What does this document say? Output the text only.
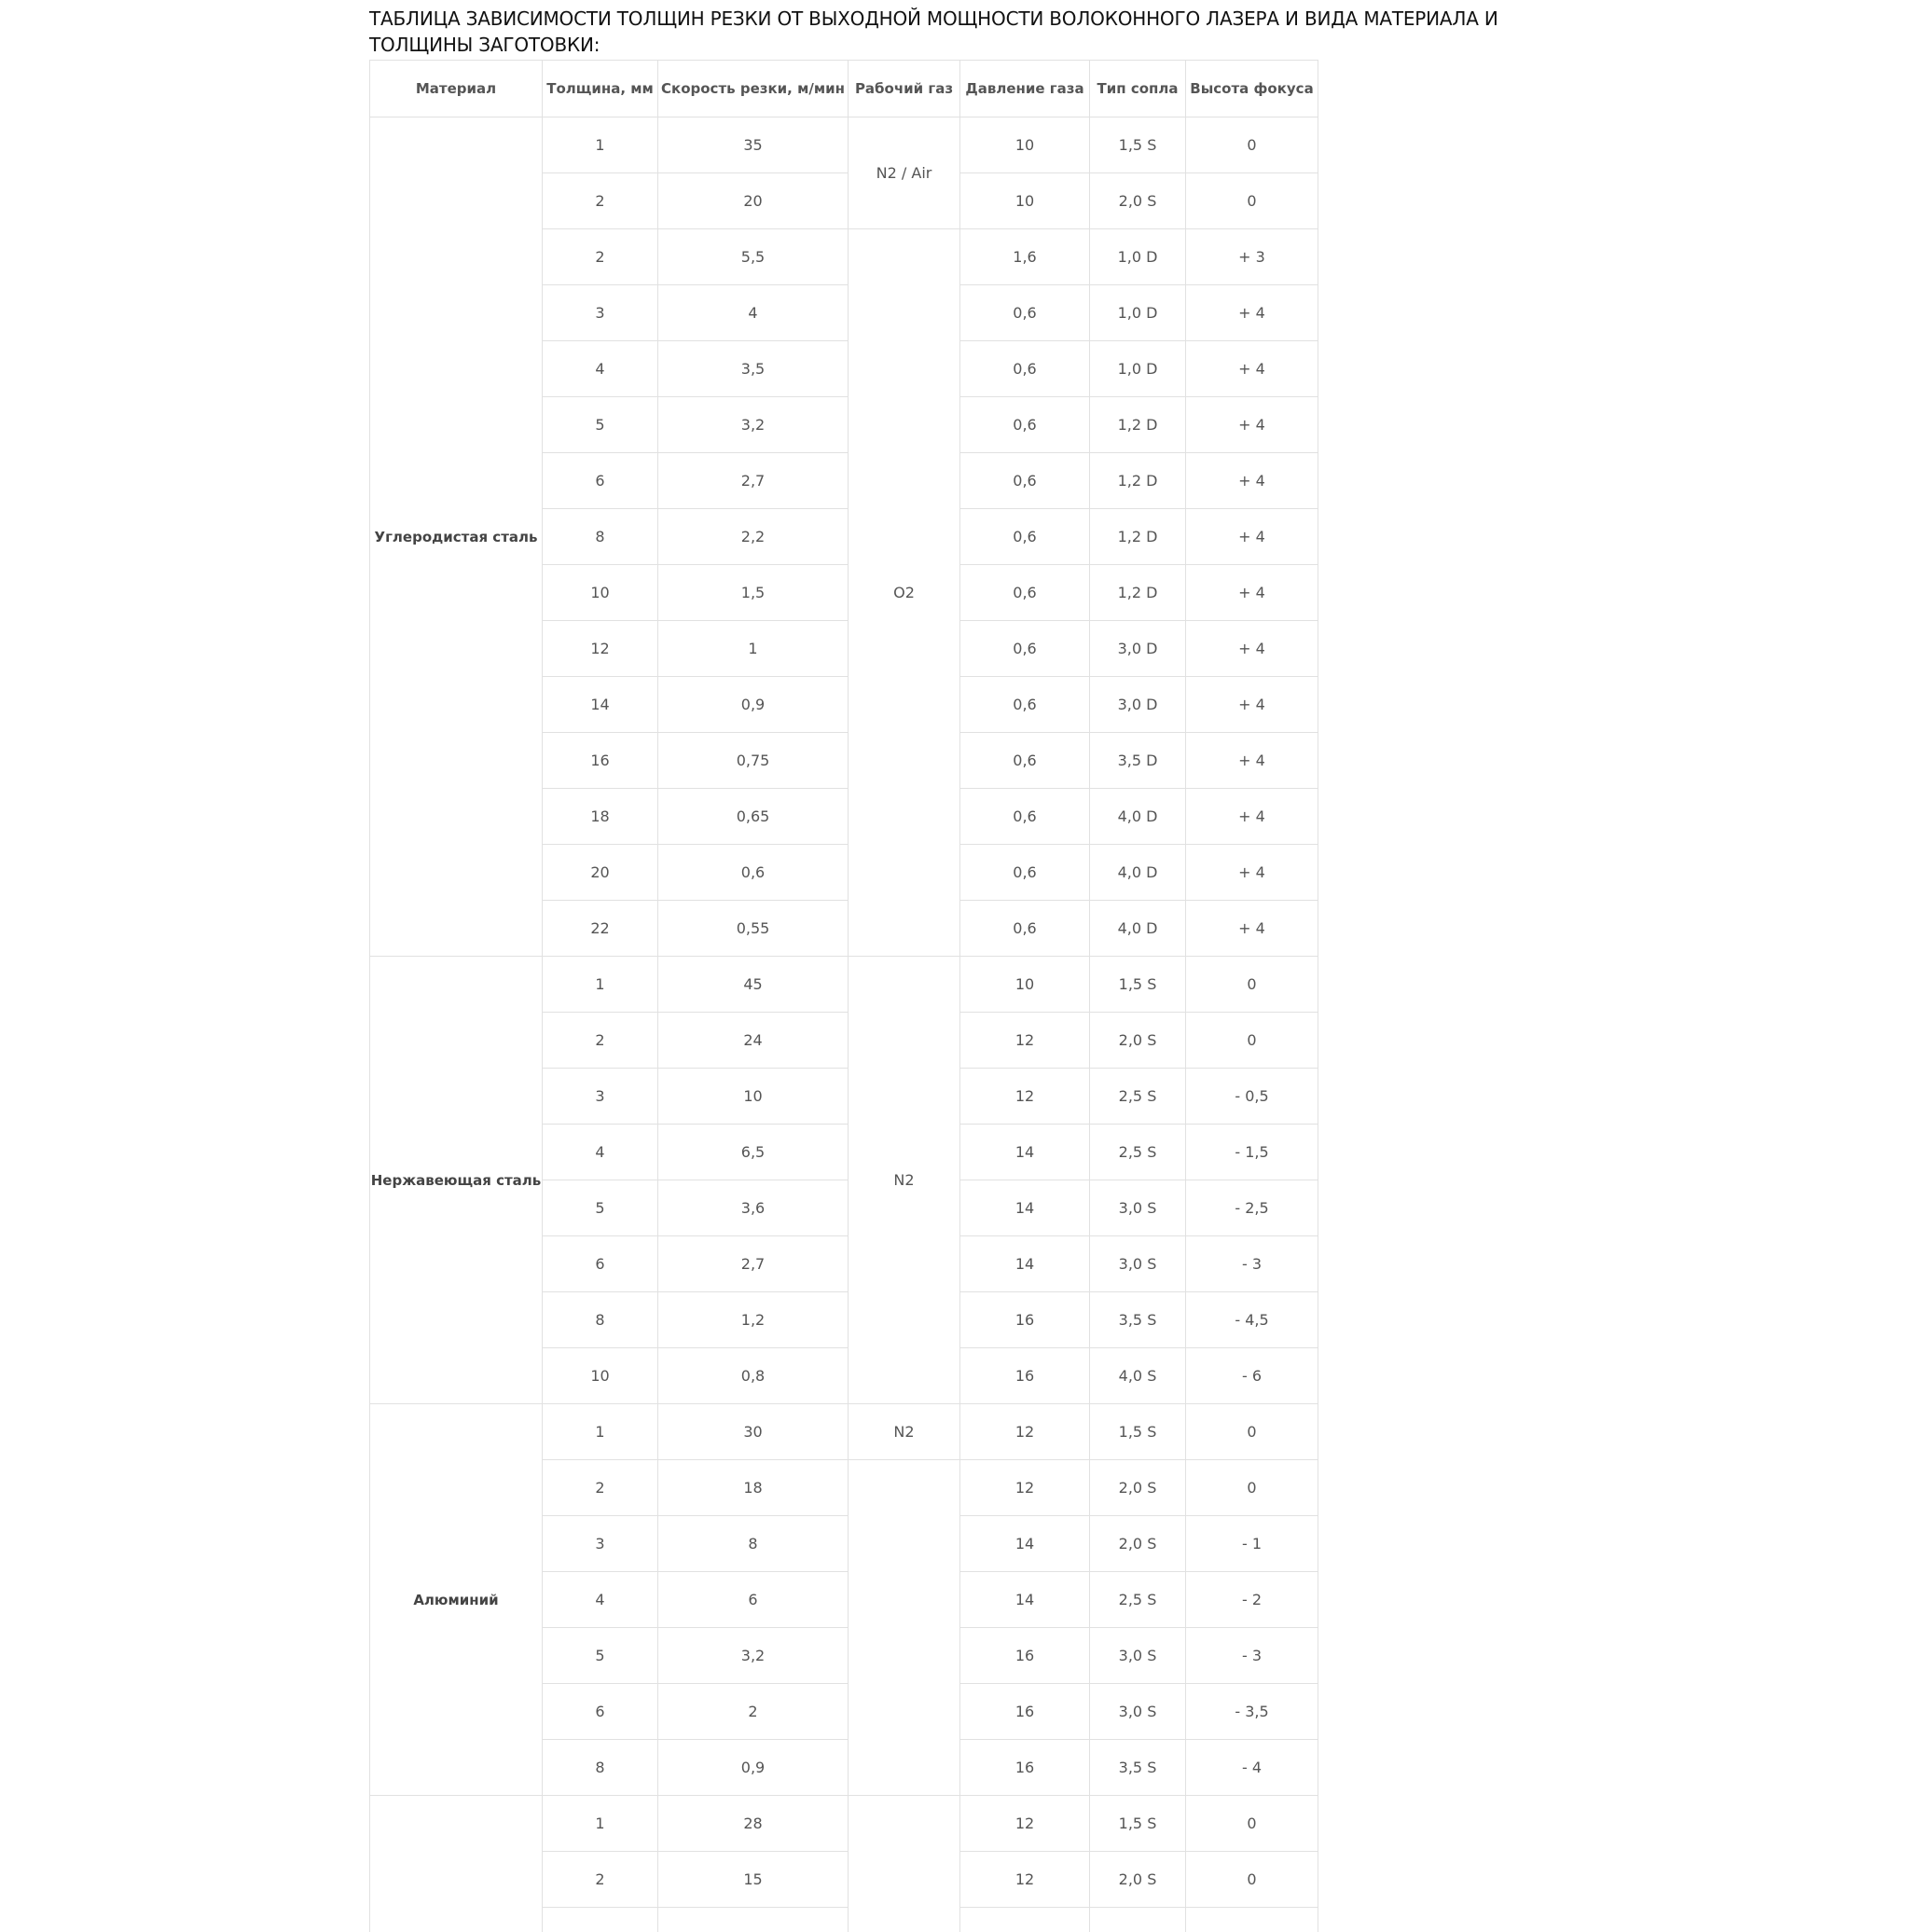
ТАБЛИЦА ЗАВИСИМОСТИ ТОЛЩИН РЕЗКИ ОТ ВЫХОДНОЙ МОЩНОСТИ ВОЛОКОННОГО ЛАЗЕРА И ВИДА МАТЕРИАЛА И ТОЛЩИНЫ ЗАГОТОВКИ:
Материал	Толщина, мм	Скорость резки, м/мин	Рабочий газ	Давление газа	Тип сопла	Высота фокуса
Углеродистая сталь	1	35	N2 / Air	10	1,5 S	0
	2	20		10	2,0 S	0
	2	5,5	O2	1,6	1,0 D	+ 3
	3	4		0,6	1,0 D	+ 4
	4	3,5		0,6	1,0 D	+ 4
	5	3,2		0,6	1,2 D	+ 4
	6	2,7		0,6	1,2 D	+ 4
	8	2,2		0,6	1,2 D	+ 4
	10	1,5		0,6	1,2 D	+ 4
	12	1		0,6	3,0 D	+ 4
	14	0,9		0,6	3,0 D	+ 4
	16	0,75		0,6	3,5 D	+ 4
	18	0,65		0,6	4,0 D	+ 4
	20	0,6		0,6	4,0 D	+ 4
	22	0,55		0,6	4,0 D	+ 4
Нержавеющая сталь	1	45	N2	10	1,5 S	0
	2	24		12	2,0 S	0
	3	10		12	2,5 S	- 0,5
	4	6,5		14	2,5 S	- 1,5
	5	3,6		14	3,0 S	- 2,5
	6	2,7		14	3,0 S	- 3
	8	1,2		16	3,5 S	- 4,5
	10	0,8		16	4,0 S	- 6
Алюминий	1	30	N2	12	1,5 S	0
	2	18		12	2,0 S	0
	3	8		14	2,0 S	- 1
	4	6		14	2,5 S	- 2
	5	3,2		16	3,0 S	- 3
	6	2		16	3,0 S	- 3,5
	8	0,9		16	3,5 S	- 4
	1	28		12	1,5 S	0
	2	15		12	2,0 S	0
